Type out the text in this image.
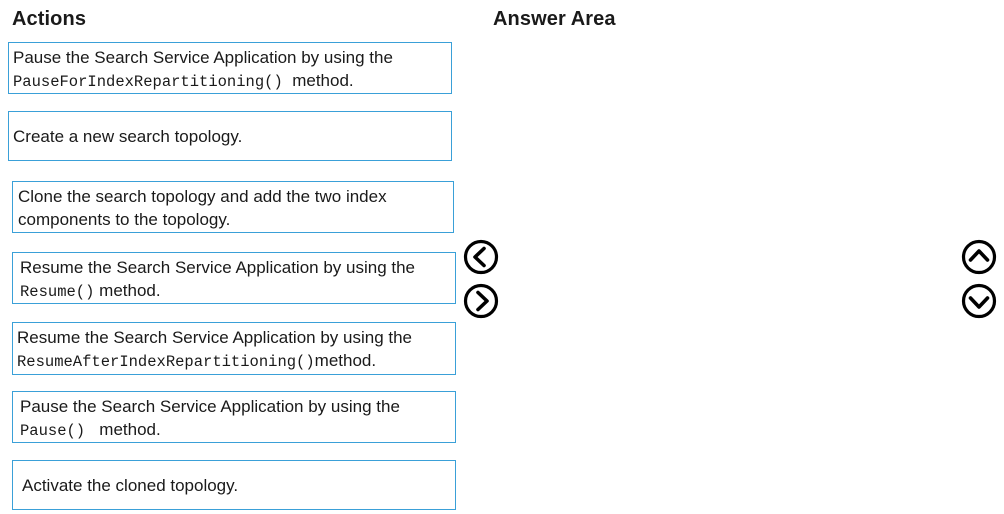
Actions	Answer Area
Pause the Search Service Application by using the
PauseForIndexRepartitioning() method.
Create a new search topology.
Clone the search topology and add the two index components to the topology.
Resume the Search Service Application by using the
Resume() method.
Resume the Search Service Application by using the
ResumeAfterIndexRepartitioning()method.
Pause the Search Service Application by using the
Pause() method.
Activate the cloned topology.
